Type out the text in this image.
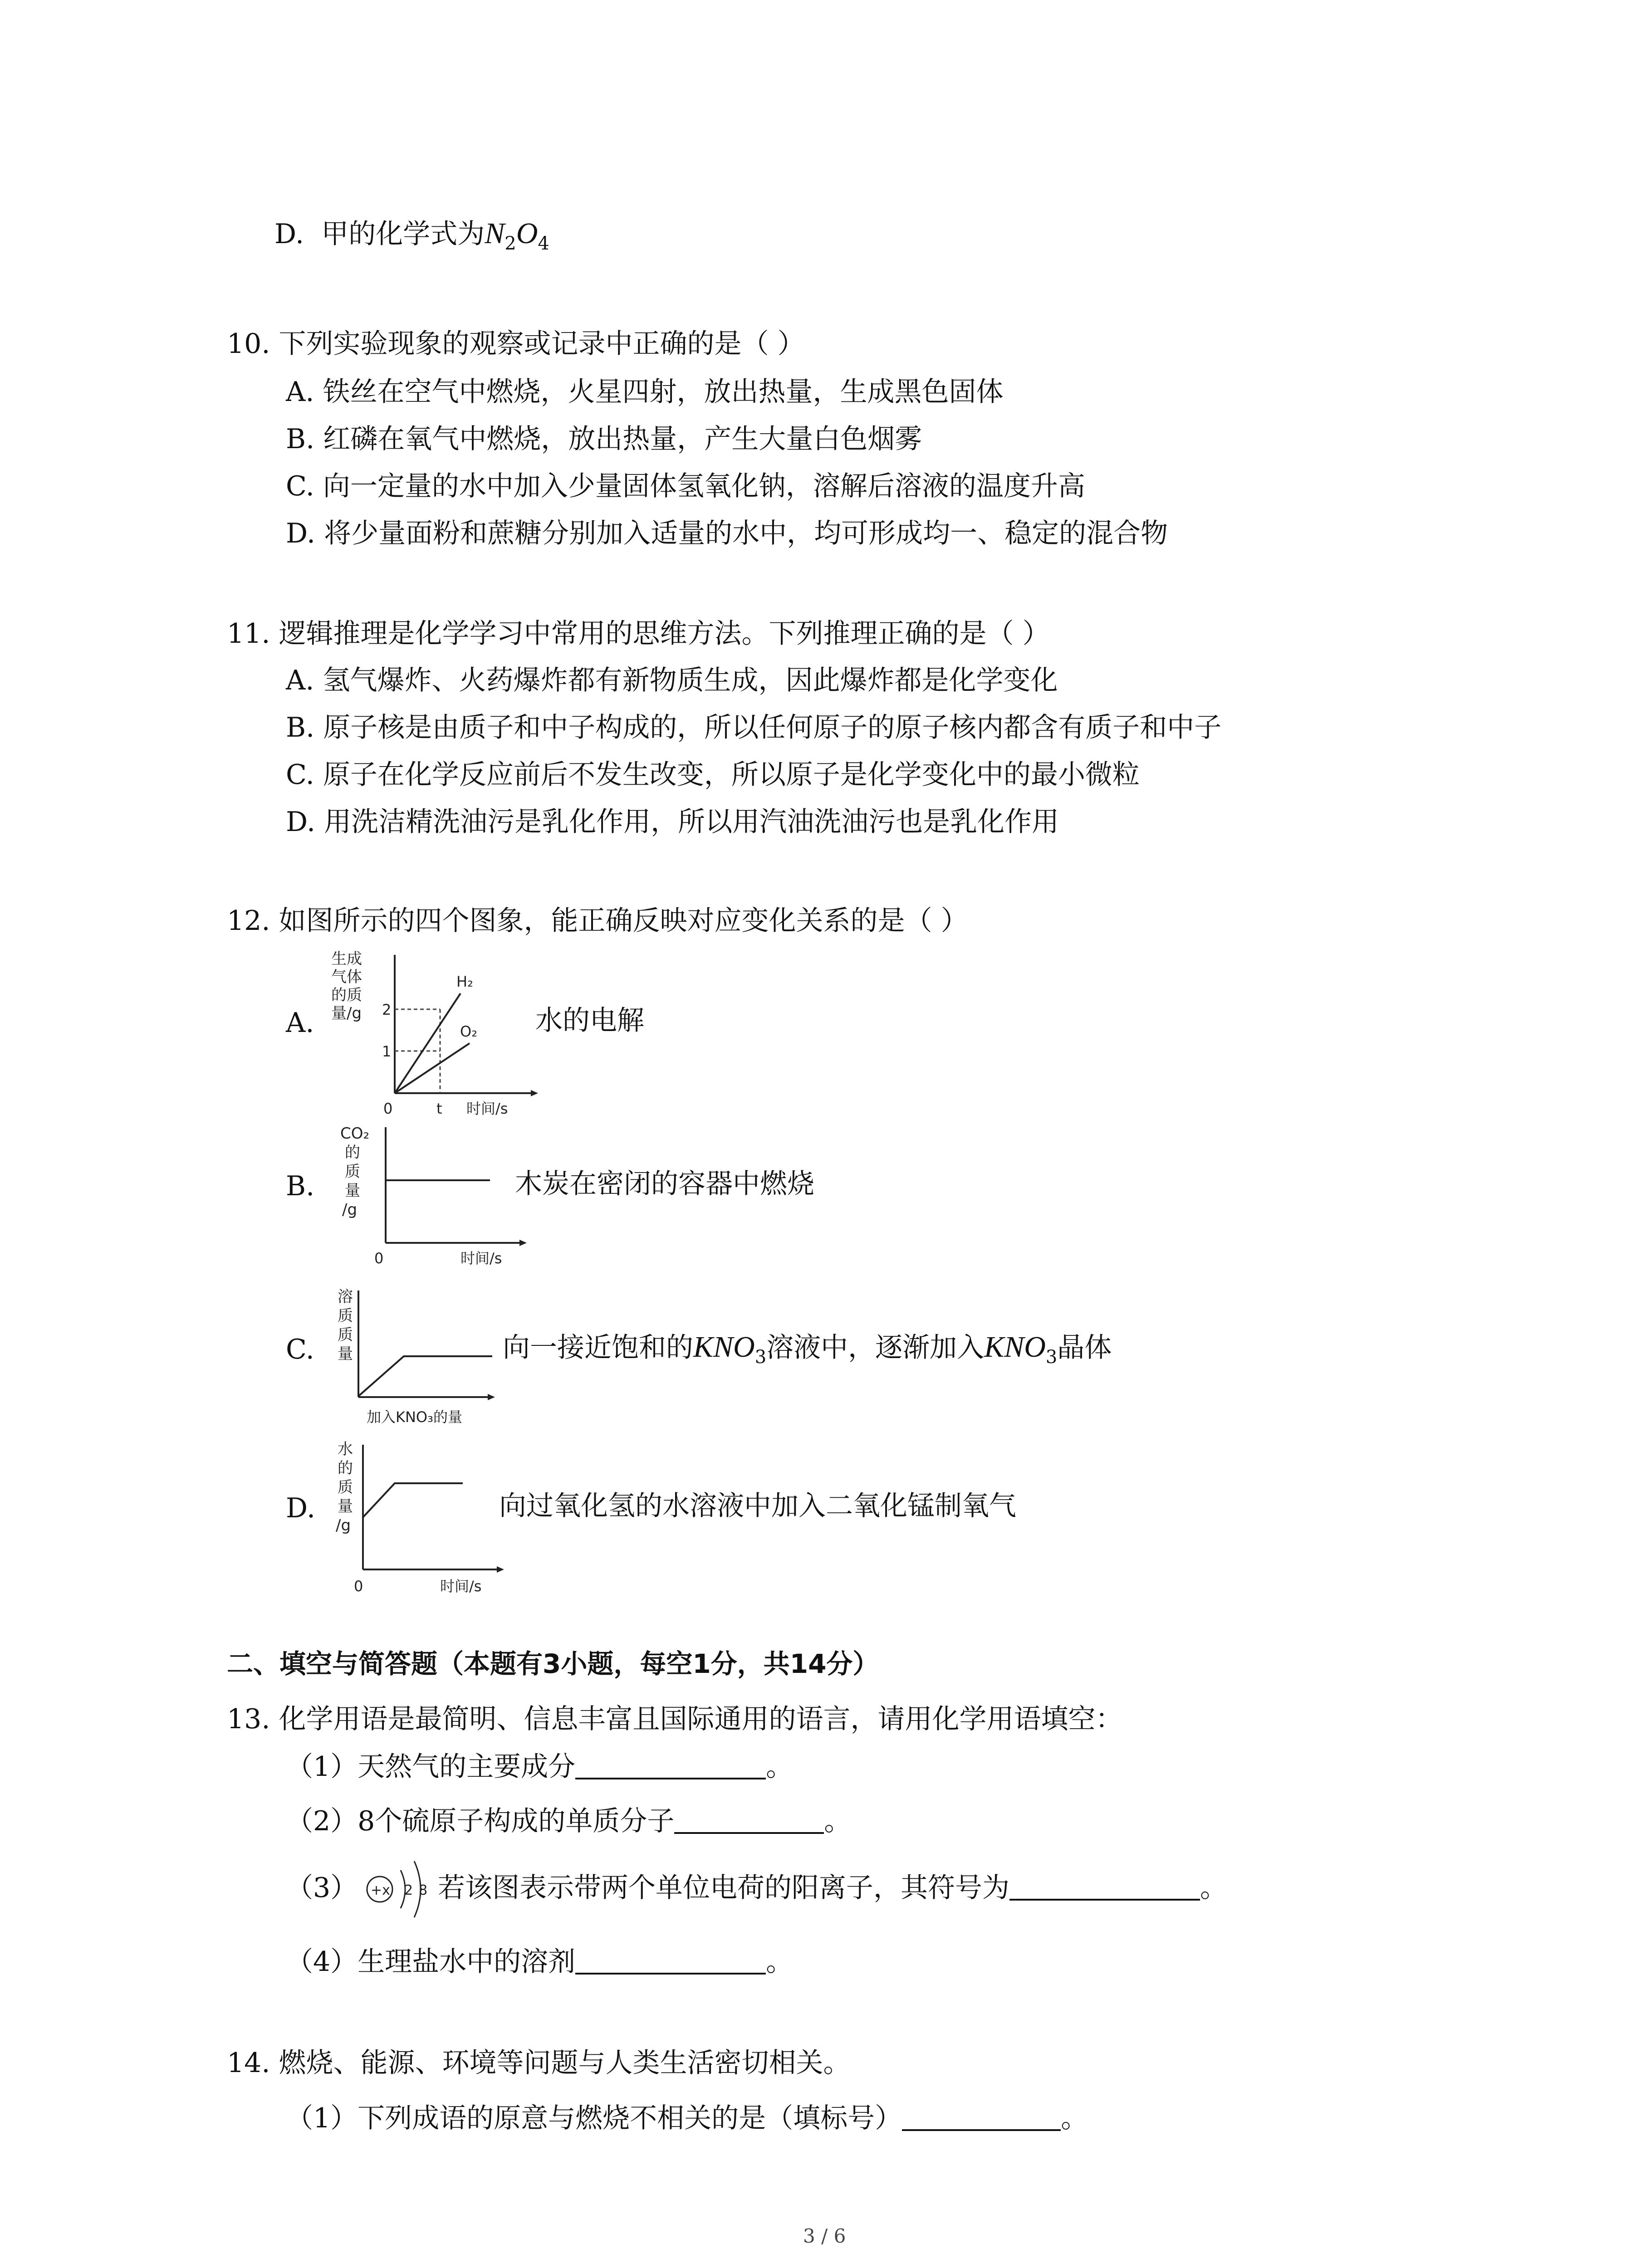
D. 甲的化学式为$N_2O_4$
10. 下列实验现象的观察或记录中正确的是（ ）
A. 铁丝在空气中燃烧，火星四射，放出热量，生成黑色固体
B. 红磷在氧气中燃烧，放出热量，产生大量白色烟雾
C. 向一定量的水中加入少量固体氢氧化钠，溶解后溶液的温度升高
D. 将少量面粉和蔗糖分别加入适量的水中，均可形成均一、稳定的混合物
11. 逻辑推理是化学学习中常用的思维方法。下列推理正确的是（ ）
A. 氢气爆炸、火药爆炸都有新物质生成，因此爆炸都是化学变化
B. 原子核是由质子和中子构成的，所以任何原子的原子核内都含有质子和中子
C. 原子在化学反应前后不发生改变，所以原子是化学变化中的最小微粒
D. 用洗洁精洗油污是乳化作用，所以用汽油洗油污也是乳化作用
12. 如图所示的四个图象，能正确反映对应变化关系的是（ ）
A.
生成
气体
的质
量/g 2
1
0	t 时间/s
H₂
O₂ 水的电解
B.
CO₂
的
质
量
/g
0	时间/s
木炭在密闭的容器中燃烧
C.
溶
质
质
量
加入KNO₃的量
向一接近饱和的$KNO_3$溶液中，逐渐加入$KNO_3$晶体
D.
水
的
质
量
/g
0	时间/s
向过氧化氢的水溶液中加入二氧化锰制氧气
二、填空与简答题（本题有3小题，每空1分，共14分）
13. 化学用语是最简明、信息丰富且国际通用的语言，请用化学用语填空：
（1）天然气的主要成分	。
（2）8个硫原子构成的单质分子	。
（3） +x 2 8 若该图表示带两个单位电荷的阳离子，其符号为	。
（4）生理盐水中的溶剂	。
14. 燃烧、能源、环境等问题与人类生活密切相关。
（1）下列成语的原意与燃烧不相关的是（填标号）	。
3 / 6
